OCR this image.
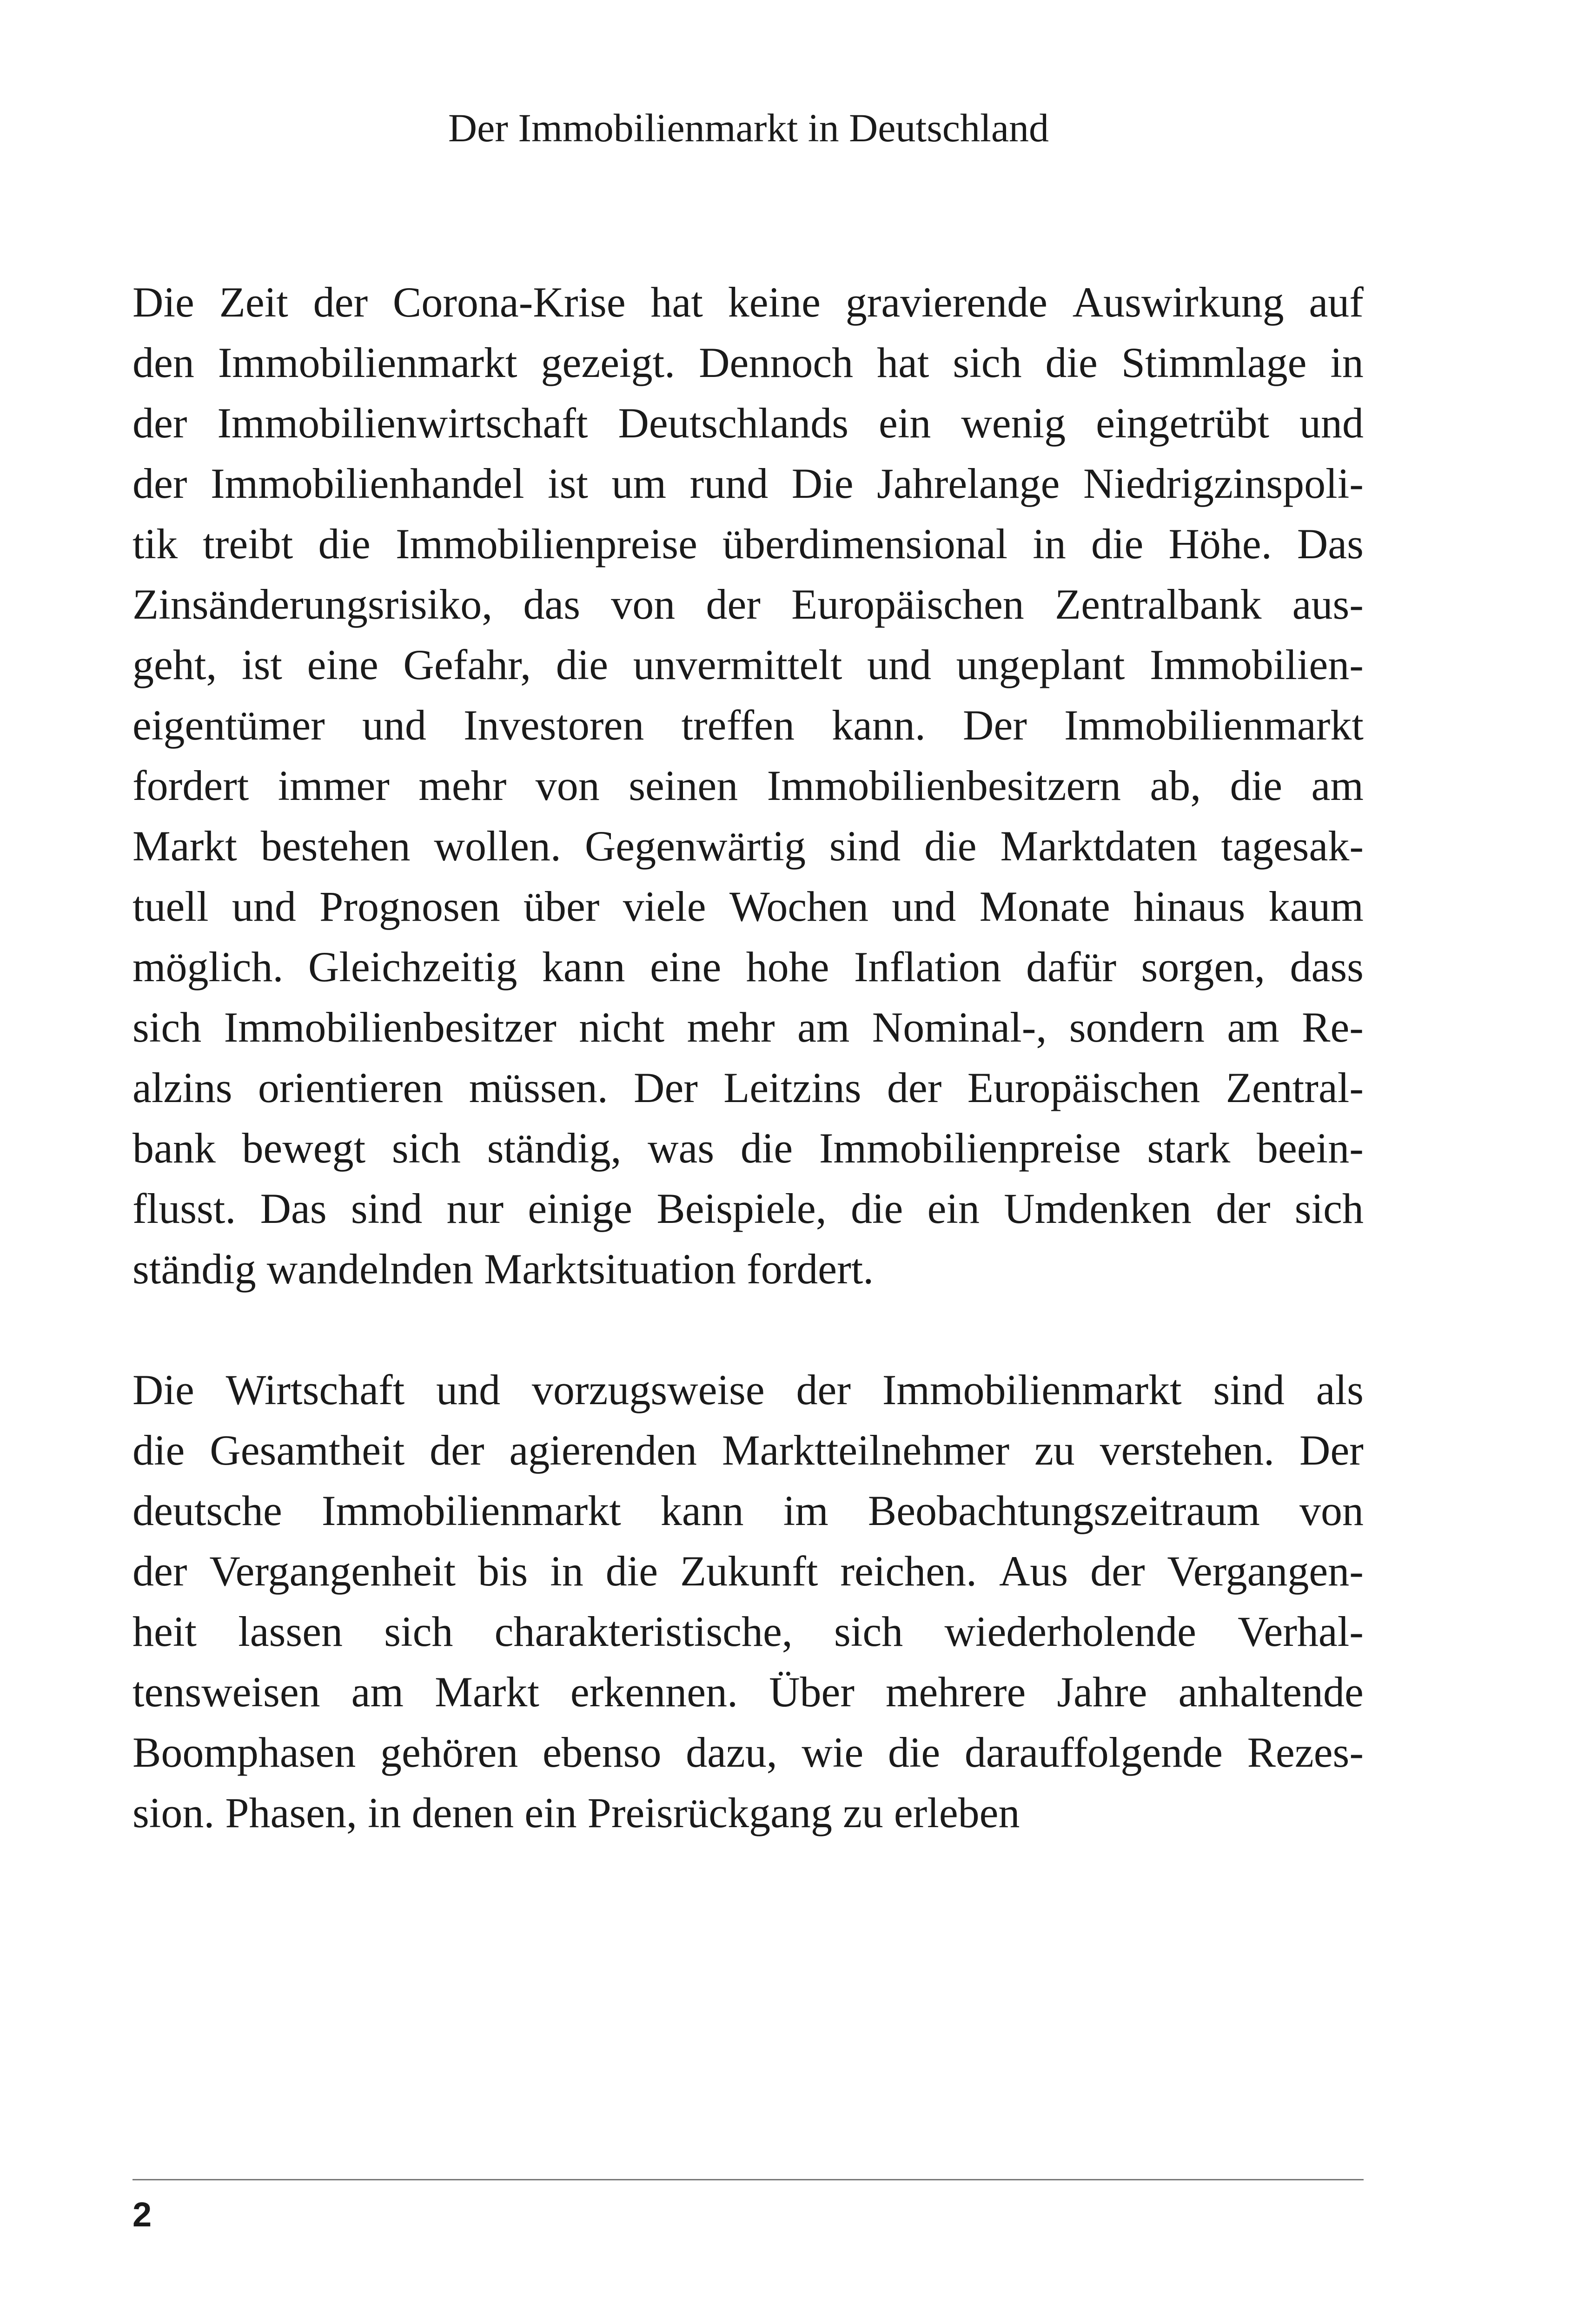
Der Immobilienmarkt in Deutschland
Die Zeit der Corona-Krise hat keine gravierende Auswirkung auf
den Immobilienmarkt gezeigt. Dennoch hat sich die Stimmlage in
der Immobilienwirtschaft Deutschlands ein wenig eingetrübt und
der Immobilienhandel ist um rund Die Jahrelange Niedrigzinspoli-
tik treibt die Immobilienpreise überdimensional in die Höhe. Das
Zinsänderungsrisiko, das von der Europäischen Zentralbank aus-
geht, ist eine Gefahr, die unvermittelt und ungeplant Immobilien-
eigentümer und Investoren treffen kann. Der Immobilienmarkt
fordert immer mehr von seinen Immobilienbesitzern ab, die am
Markt bestehen wollen. Gegenwärtig sind die Marktdaten tagesak-
tuell und Prognosen über viele Wochen und Monate hinaus kaum
möglich. Gleichzeitig kann eine hohe Inflation dafür sorgen, dass
sich Immobilienbesitzer nicht mehr am Nominal-, sondern am Re-
alzins orientieren müssen. Der Leitzins der Europäischen Zentral-
bank bewegt sich ständig, was die Immobilienpreise stark beein-
flusst. Das sind nur einige Beispiele, die ein Umdenken der sich
ständig wandelnden Marktsituation fordert.
Die Wirtschaft und vorzugsweise der Immobilienmarkt sind als
die Gesamtheit der agierenden Marktteilnehmer zu verstehen. Der
deutsche Immobilienmarkt kann im Beobachtungszeitraum von
der Vergangenheit bis in die Zukunft reichen. Aus der Vergangen-
heit lassen sich charakteristische, sich wiederholende Verhal-
tensweisen am Markt erkennen. Über mehrere Jahre anhaltende
Boomphasen gehören ebenso dazu, wie die darauffolgende Rezes-
sion. Phasen, in denen ein Preisrückgang zu erleben
2
